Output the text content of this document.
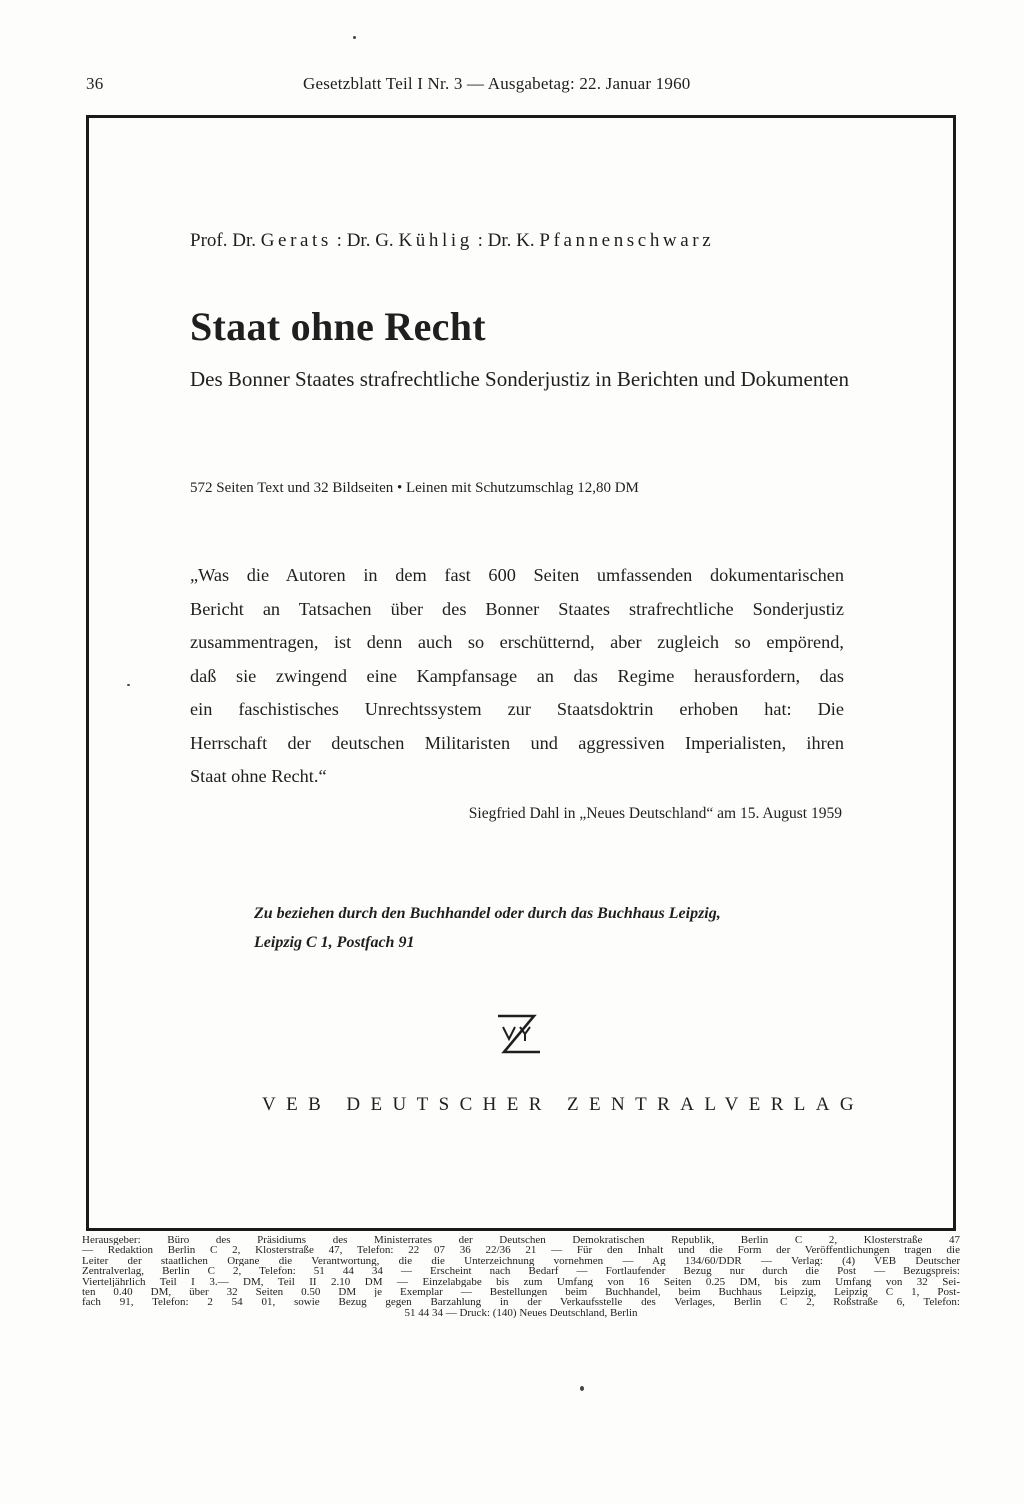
36	Gesetzblatt Teil I Nr. 3 — Ausgabetag: 22. Januar 1960
Prof. Dr. Gerats : Dr. G. Kühlig : Dr. K. Pfannenschwarz
Staat ohne Recht
Des Bonner Staates strafrechtliche Sonderjustiz in Berichten und Dokumenten
572 Seiten Text und 32 Bildseiten • Leinen mit Schutzumschlag 12,80 DM
„Was die Autoren in dem fast 600 Seiten umfassenden dokumentarischen
Bericht an Tatsachen über des Bonner Staates strafrechtliche Sonderjustiz
zusammentragen, ist denn auch so erschütternd, aber zugleich so empörend,
daß sie zwingend eine Kampfansage an das Regime herausfordern, das
ein faschistisches Unrechtssystem zur Staatsdoktrin erhoben hat: Die
Herrschaft der deutschen Militaristen und aggressiven Imperialisten, ihren
Staat ohne Recht.“
Siegfried Dahl in „Neues Deutschland“ am 15. August 1959
Zu beziehen durch den Buchhandel oder durch das Buchhaus Leipzig,
Leipzig C 1, Postfach 91
VEB DEUTSCHER ZENTRALVERLAG
Herausgeber: Büro des Präsidiums des Ministerrates der Deutschen Demokratischen Republik, Berlin C 2, Klosterstraße 47
— Redaktion Berlin C 2, Klosterstraße 47, Telefon: 22 07 36 22/36 21 — Für den Inhalt und die Form der Veröffentlichungen tragen die
Leiter der staatlichen Organe die Verantwortung, die die Unterzeichnung vornehmen — Ag 134/60/DDR — Verlag: (4) VEB Deutscher
Zentralverlag, Berlin C 2, Telefon: 51 44 34 — Erscheint nach Bedarf — Fortlaufender Bezug nur durch die Post — Bezugspreis:
Vierteljährlich Teil I 3.— DM, Teil II 2.10 DM — Einzelabgabe bis zum Umfang von 16 Seiten 0.25 DM, bis zum Umfang von 32 Sei-
ten 0.40 DM, über 32 Seiten 0.50 DM je Exemplar — Bestellungen beim Buchhandel, beim Buchhaus Leipzig, Leipzig C 1, Post-
fach 91, Telefon: 2 54 01, sowie Bezug gegen Barzahlung in der Verkaufsstelle des Verlages, Berlin C 2, Roßstraße 6, Telefon:
51 44 34 — Druck: (140) Neues Deutschland, Berlin
